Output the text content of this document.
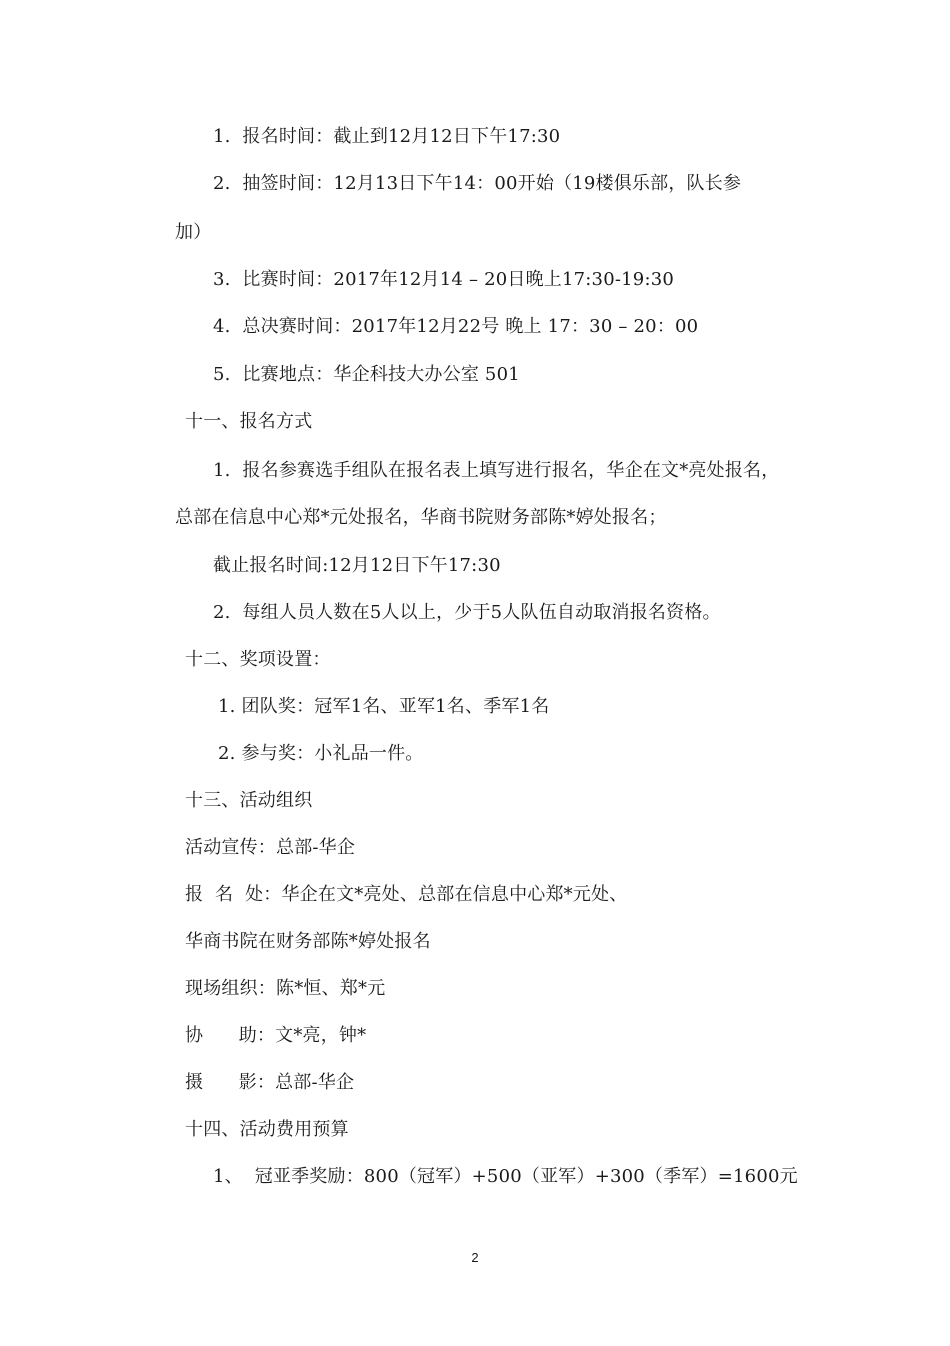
1.  报名时间：截止到12月12日下午17:30
2.  抽签时间：12月13日下午14：00开始（19楼俱乐部，队长参
加）
3.  比赛时间：2017年12月14 – 20日晚上17:30-19:30
4.  总决赛时间：2017年12月22号 晚上 17：30 – 20：00
5.  比赛地点：华企科技大办公室 501
十一、报名方式
1.  报名参赛选手组队在报名表上填写进行报名，华企在文*亮处报名，
总部在信息中心郑*元处报名，华商书院财务部陈*婷处报名；
截止报名时间:12月12日下午17:30
2.  每组人员人数在5人以上，少于5人队伍自动取消报名资格。
十二、奖项设置：
1. 团队奖：冠军1名、亚军1名、季军1名
2. 参与奖：小礼品一件。
十三、活动组织
活动宣传：总部-华企
报  名  处：华企在文*亮处、总部在信息中心郑*元处、
华商书院在财务部陈*婷处报名
现场组织：陈*恒、郑*元
协      助：文*亮，钟*
摄      影：总部-华企
十四、活动费用预算
1、  冠亚季奖励：800（冠军）+500（亚军）+300（季军）=1600元
2
